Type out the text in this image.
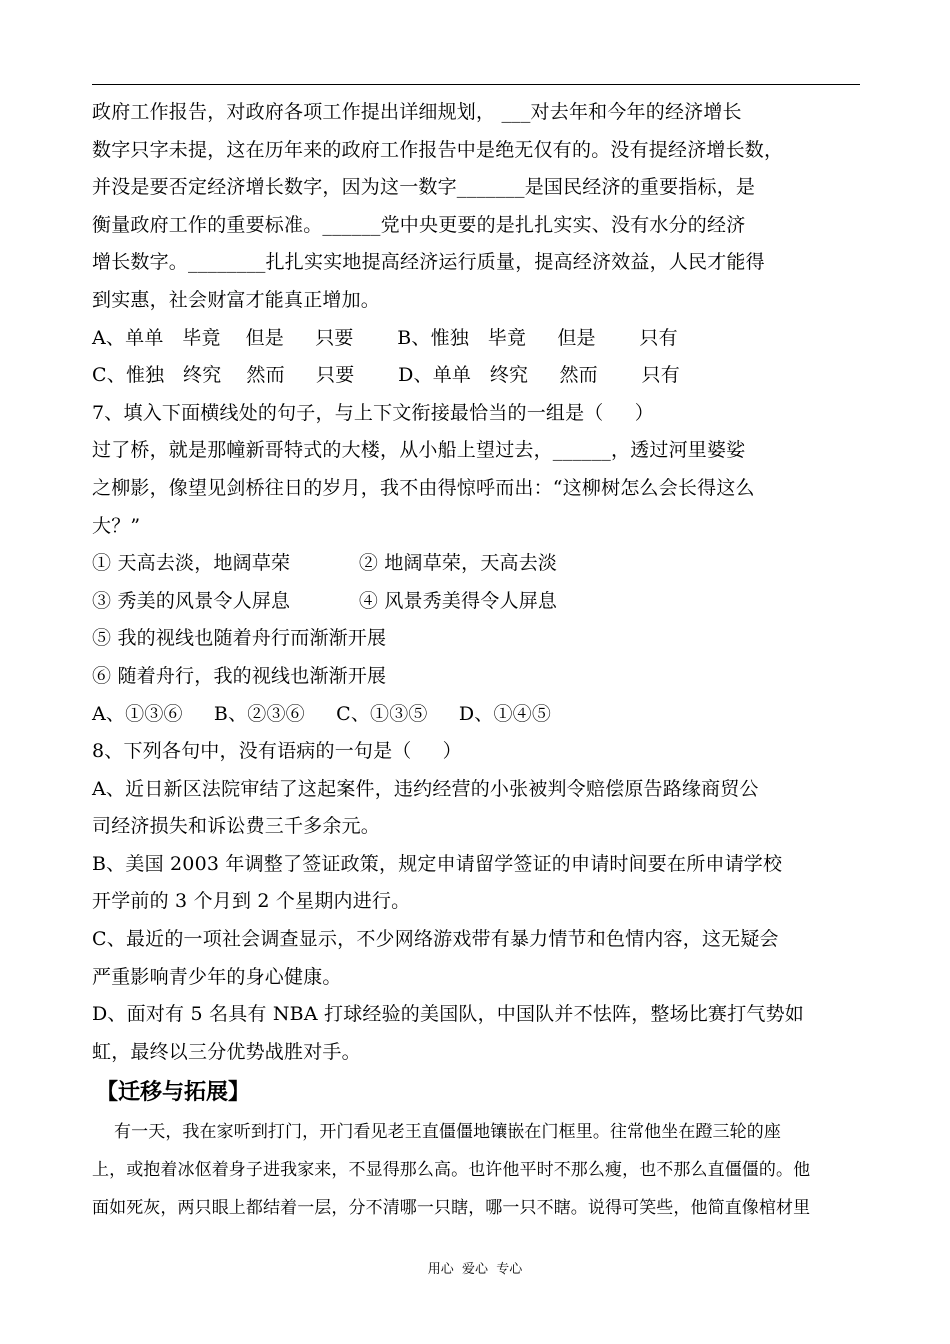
政府工作报告，对政府各项工作提出详细规划， ___对去年和今年的经济增长
数字只字未提，这在历年来的政府工作报告中是绝无仅有的。没有提经济增长数，
并没是要否定经济增长数字，因为这一数字_______是国民经济的重要指标，是
衡量政府工作的重要标准。______党中央更要的是扎扎实实、没有水分的经济
增长数字。________扎扎实实地提高经济运行质量，提高经济效益，人民才能得
到实惠，社会财富才能真正增加。
A、单单   毕竟    但是     只要       B、惟独   毕竟     但是       只有
C、惟独   终究    然而     只要       D、单单   终究     然而       只有
7、填入下面横线处的句子，与上下文衔接最恰当的一组是（     ）
过了桥，就是那幢新哥特式的大楼，从小船上望过去，______，透过河里婆娑
之柳影，像望见剑桥往日的岁月，我不由得惊呼而出：“这柳树怎么会长得这么
大？”
① 天高去淡，地阔草荣           ② 地阔草荣，天高去淡
③ 秀美的风景令人屏息           ④ 风景秀美得令人屏息
⑤ 我的视线也随着舟行而渐渐开展
⑥ 随着舟行，我的视线也渐渐开展
A、①③⑥     B、②③⑥     C、①③⑤     D、①④⑤
8、下列各句中，没有语病的一句是（     ）
A、近日新区法院审结了这起案件，违约经营的小张被判令赔偿原告路缘商贸公
司经济损失和诉讼费三千多余元。
B、美国 2003 年调整了签证政策，规定申请留学签证的申请时间要在所申请学校
开学前的 3 个月到 2 个星期内进行。
C、最近的一项社会调查显示，不少网络游戏带有暴力情节和色情内容，这无疑会
严重影响青少年的身心健康。
D、面对有 5 名具有 NBA 打球经验的美国队，中国队并不怯阵，整场比赛打气势如
虹，最终以三分优势战胜对手。
【迁移与拓展】
有一天，我在家听到打门，开门看见老王直僵僵地镶嵌在门框里。往常他坐在蹬三轮的座
上，或抱着冰伛着身子进我家来，不显得那么高。也许他平时不那么瘦，也不那么直僵僵的。他
面如死灰，两只眼上都结着一层，分不清哪一只瞎，哪一只不瞎。说得可笑些，他简直像棺材里
用心  爱心  专心
